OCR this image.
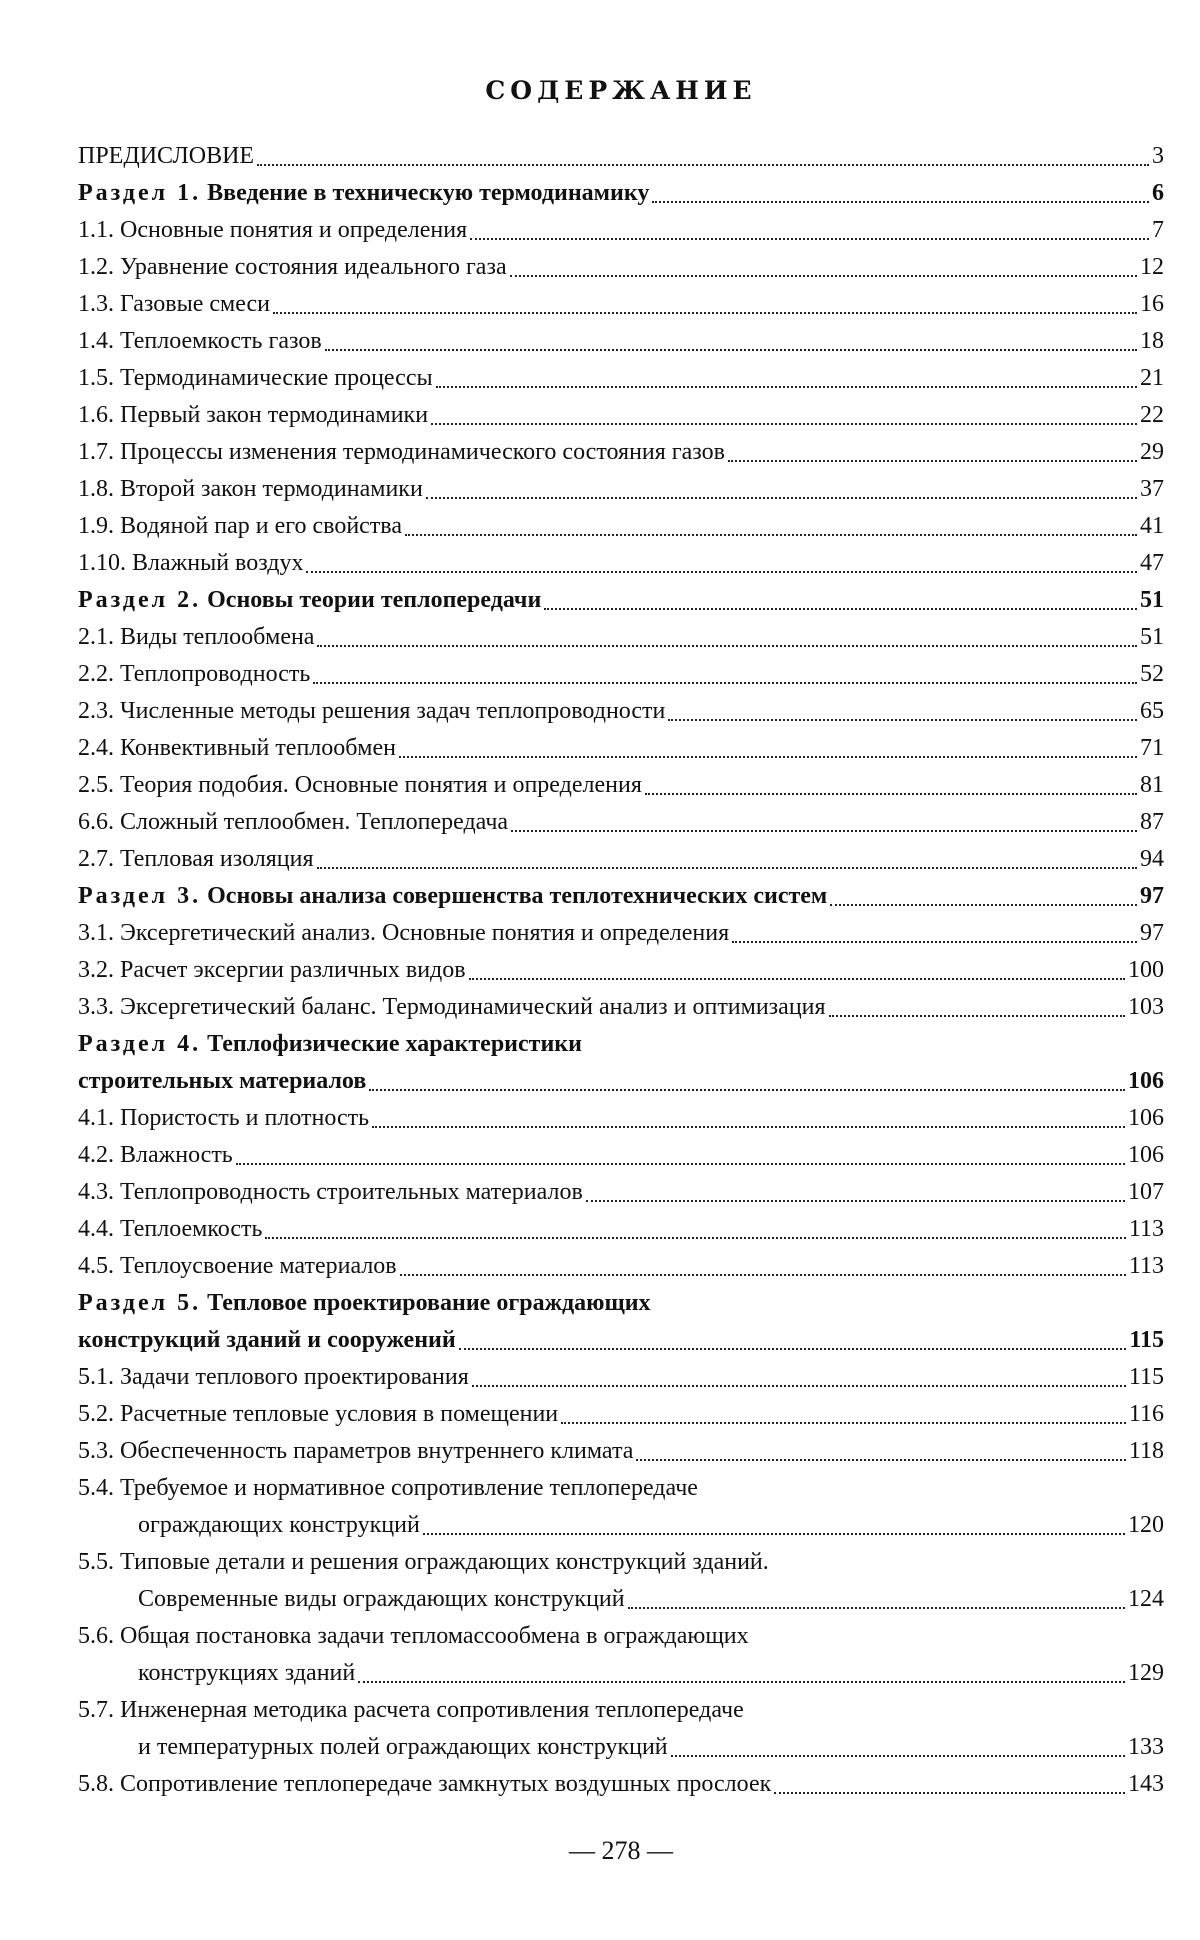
СОДЕРЖАНИЕ
ПРЕДИСЛОВИЕ	3
Раздел 1. Введение в техническую термодинамику	6
1.1. Основные понятия и определения	7
1.2. Уравнение состояния идеального газа	12
1.3. Газовые смеси	16
1.4. Теплоемкость газов	18
1.5. Термодинамические процессы	21
1.6. Первый закон термодинамики	22
1.7. Процессы изменения термодинамического состояния газов	29
1.8. Второй закон термодинамики	37
1.9. Водяной пар и его свойства	41
1.10. Влажный воздух	47
Раздел 2. Основы теории теплопередачи	51
2.1. Виды теплообмена	51
2.2. Теплопроводность	52
2.3. Численные методы решения задач теплопроводности	65
2.4. Конвективный теплообмен	71
2.5. Теория подобия. Основные понятия и определения	81
6.6. Сложный теплообмен. Теплопередача	87
2.7. Тепловая изоляция	94
Раздел 3. Основы анализа совершенства теплотехнических систем	97
3.1. Эксергетический анализ. Основные понятия и определения	97
3.2. Расчет эксергии различных видов	100
3.3. Эксергетический баланс. Термодинамический анализ и оптимизация	103
Раздел 4. Теплофизические характеристики
строительных материалов	106
4.1. Пористость и плотность	106
4.2. Влажность	106
4.3. Теплопроводность строительных материалов	107
4.4. Теплоемкость	113
4.5. Теплоусвоение материалов	113
Раздел 5. Тепловое проектирование ограждающих
конструкций зданий и сооружений	115
5.1. Задачи теплового проектирования	115
5.2. Расчетные тепловые условия в помещении	116
5.3. Обеспеченность параметров внутреннего климата	118
5.4. Требуемое и нормативное сопротивление теплопередаче
ограждающих конструкций	120
5.5. Типовые детали и решения ограждающих конструкций зданий.
Современные виды ограждающих конструкций	124
5.6. Общая постановка задачи тепломассообмена в ограждающих
конструкциях зданий	129
5.7. Инженерная методика расчета сопротивления теплопередаче
и температурных полей ограждающих конструкций	133
5.8. Сопротивление теплопередаче замкнутых воздушных прослоек	143
— 278 —
